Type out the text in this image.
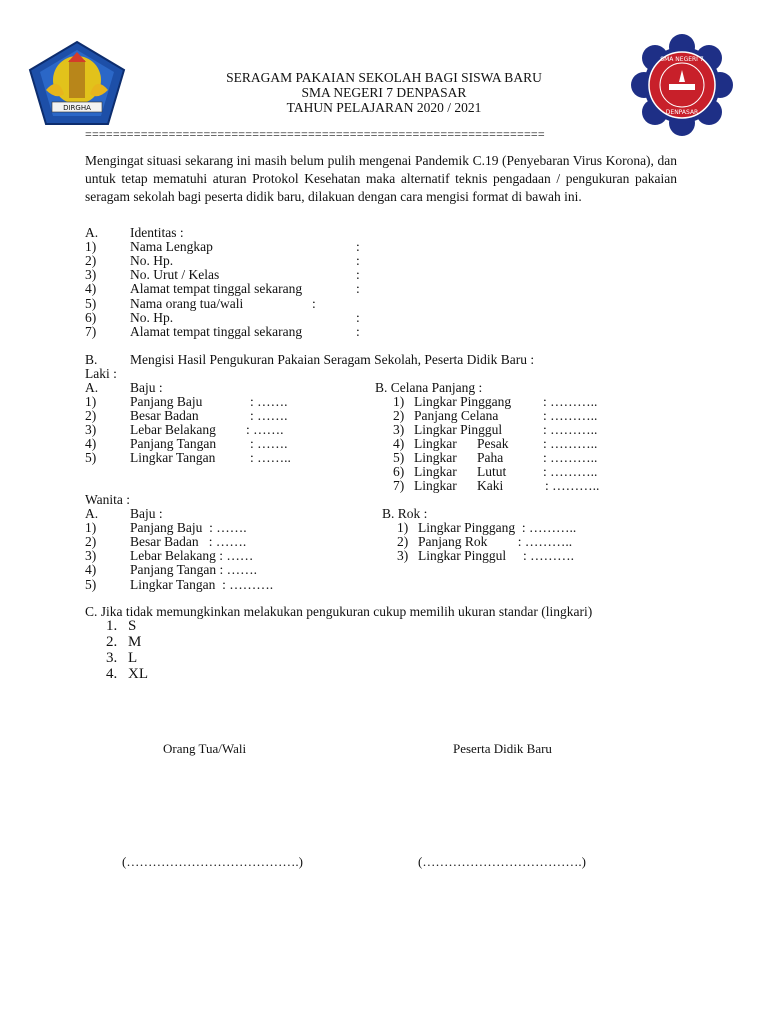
DIRGHA
SMA NEGERI 7
DENPASAR
SERAGAM PAKAIAN SEKOLAH BAGI SISWA BARU
SMA NEGERI 7 DENPASAR
TAHUN PELAJARAN 2020 / 2021
==================================================================
Mengingat situasi sekarang ini masih belum pulih mengenai Pandemik C.19 (Penyebaran Virus Korona), dan untuk tetap mematuhi aturan Protokol Kesehatan maka alternatif teknis pengadaan / pengukuran pakaian seragam sekolah bagi peserta didik baru, dilakuan dengan cara mengisi format di bawah ini.
A. Identitas :
1)	Nama Lengkap	:
2)	No. Hp.	:
3)	No. Urut / Kelas	:
4)	Alamat tempat tinggal sekarang	:
5)	Nama orang tua/wali	:
6)	No. Hp.	:
7)	Alamat tempat tinggal sekarang	:
B. Mengisi Hasil Pengukuran Pakaian Seragam Sekolah, Peserta Didik Baru :
Laki :
A. Baju :
1)	Panjang Baju	: …….
2)	Besar Badan	: …….
3)	Lebar Belakang : …….
4)	Panjang Tangan	: …….
5)	Lingkar Tangan	: ……..
B. Celana Panjang :
1) Lingkar Pinggang : ………..
2) Panjang Celana	: ………..
3) Lingkar Pinggul	: ………..
4) Lingkar      Pesak	: ………..
5) Lingkar      Paha	: ………..
6) Lingkar      Lutut	: ………..
7) Lingkar      Kaki	: ………..
Wanita :
A. Baju :
1)	Panjang Baju  : …….
2)	Besar Badan   : …….
3)	Lebar Belakang : ……
4)	Panjang Tangan : …….
5)	Lingkar Tangan  : ……….
B. Rok :
1) Lingkar Pinggang  : ………..
2) Panjang Rok         : ………..
3) Lingkar Pinggul     : ……….
C. Jika tidak memungkinkan melakukan pengukuran cukup memilih ukuran standar (lingkari)
1. S
2. M
3. L
4. XL
Orang Tua/Wali	Peserta Didik Baru
(………………………………….)	(……………………………….)
